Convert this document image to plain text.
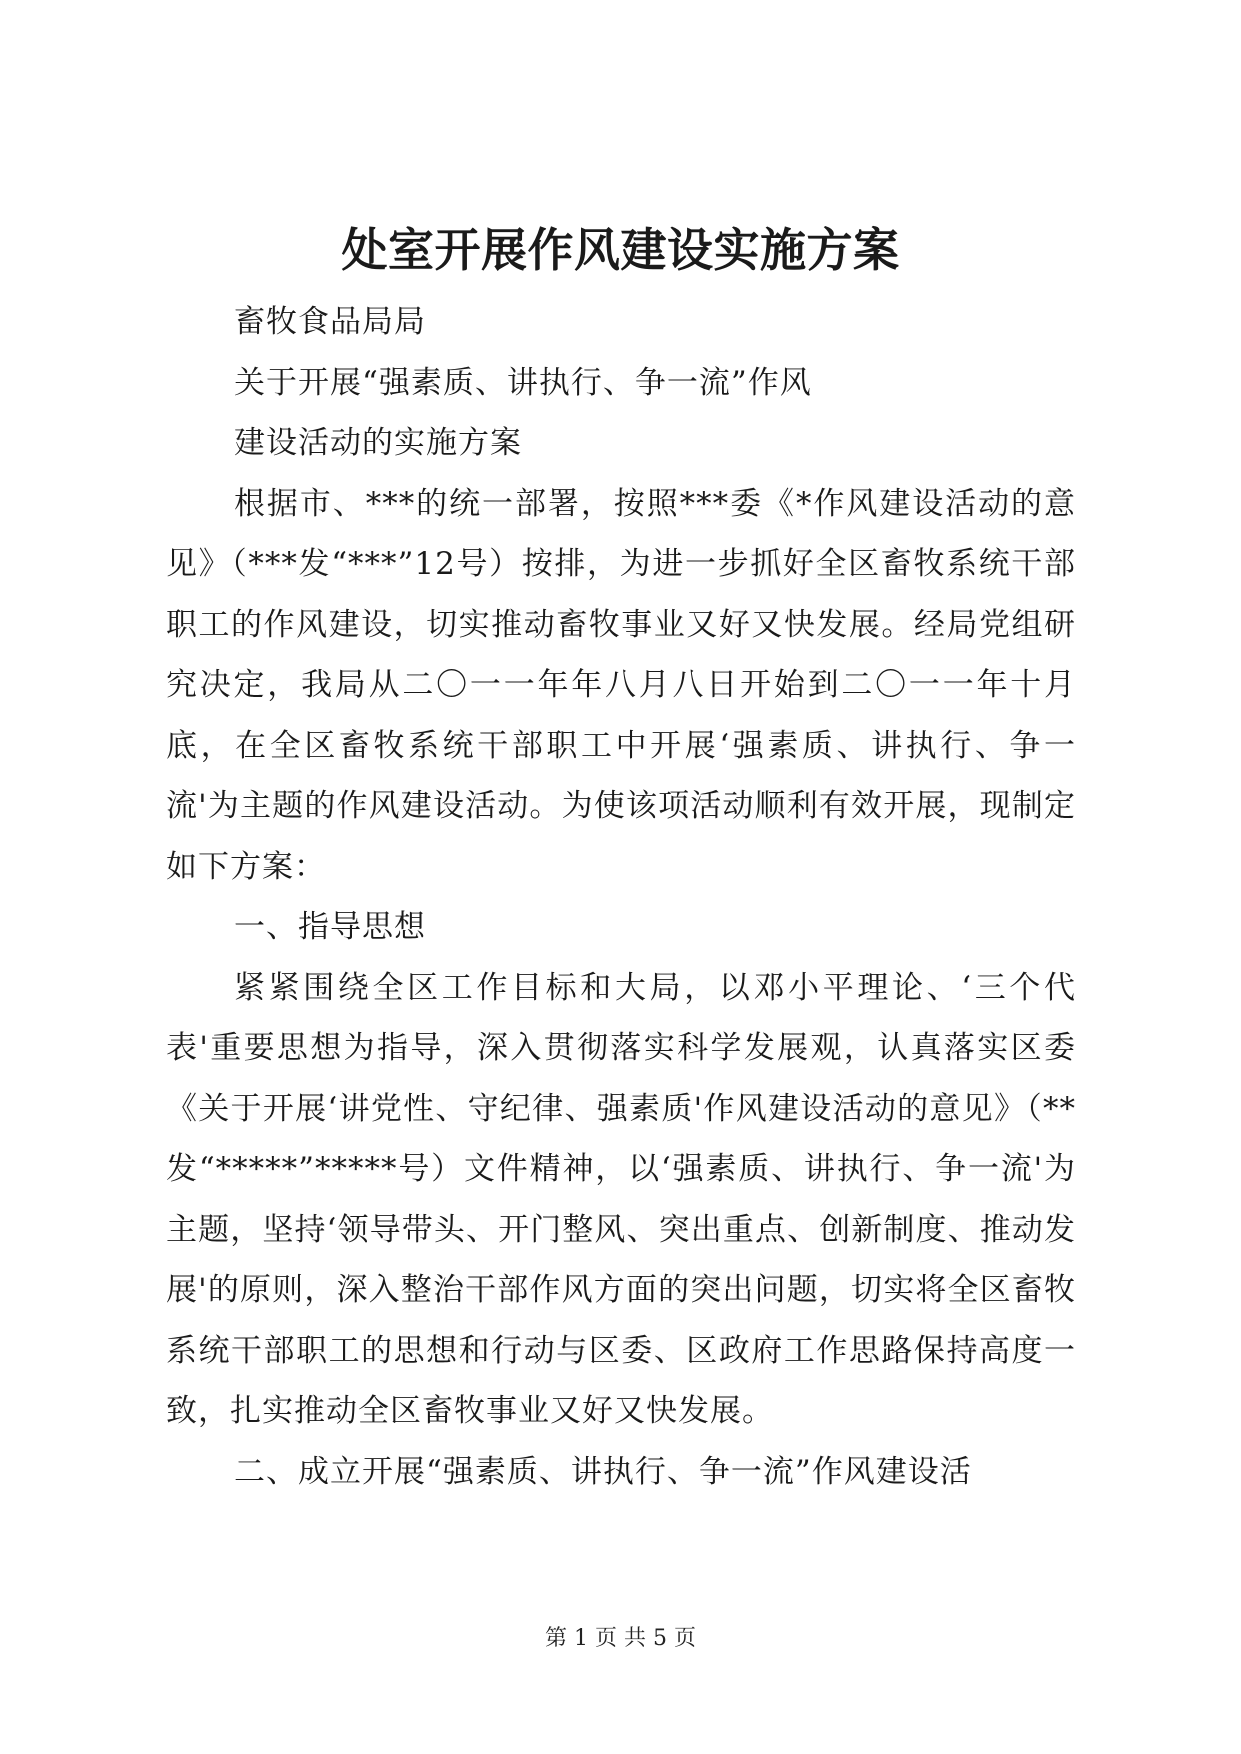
处室开展作风建设实施方案

畜牧食品局局

关于开展“强素质、讲执行、争一流”作风

建设活动的实施方案

根据市、***的统一部署，按照***委《*作风建设活动的意见》（***发“***”12号）按排，为进一步抓好全区畜牧系统干部职工的作风建设，切实推动畜牧事业又好又快发展。经局党组研究决定，我局从二〇一一年年八月八日开始到二〇一一年十月底，在全区畜牧系统干部职工中开展‘强素质、讲执行、争一流'为主题的作风建设活动。为使该项活动顺利有效开展，现制定如下方案：

一、指导思想

紧紧围绕全区工作目标和大局，以邓小平理论、‘三个代表'重要思想为指导，深入贯彻落实科学发展观，认真落实区委《关于开展‘讲党性、守纪律、强素质'作风建设活动的意见》（**发“*****”*****号）文件精神，以‘强素质、讲执行、争一流'为主题，坚持‘领导带头、开门整风、突出重点、创新制度、推动发展'的原则，深入整治干部作风方面的突出问题，切实将全区畜牧系统干部职工的思想和行动与区委、区政府工作思路保持高度一致，扎实推动全区畜牧事业又好又快发展。

二、成立开展“强素质、讲执行、争一流”作风建设活

第 1 页 共 5 页
